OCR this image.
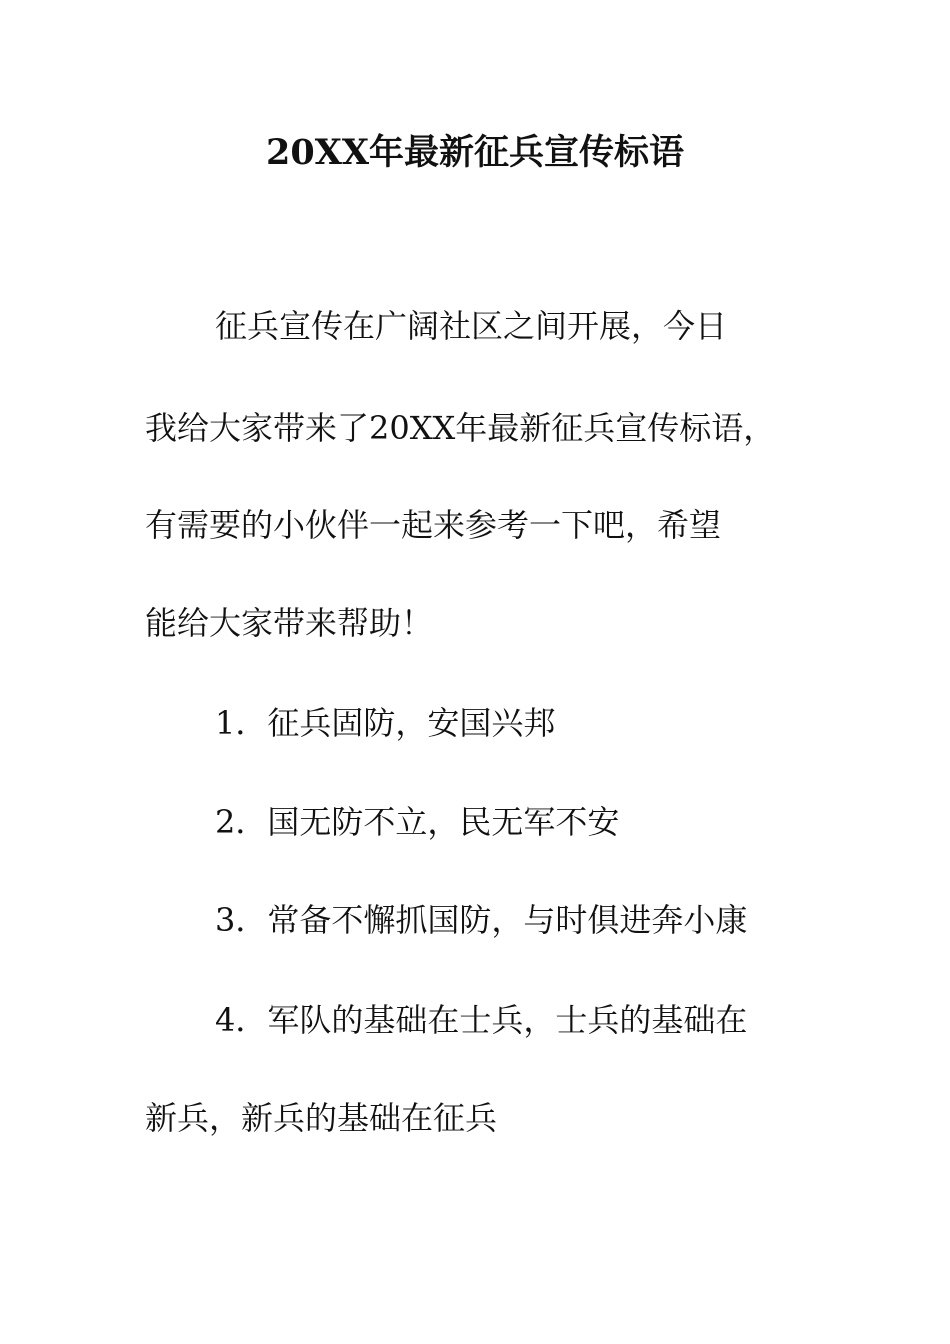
20XX年最新征兵宣传标语
征兵宣传在广阔社区之间开展，今日
我给大家带来了20XX年最新征兵宣传标语，
有需要的小伙伴一起来参考一下吧，希望
能给大家带来帮助！
1．征兵固防，安国兴邦
2．国无防不立，民无军不安
3．常备不懈抓国防，与时俱进奔小康
4．军队的基础在士兵，士兵的基础在
新兵，新兵的基础在征兵
